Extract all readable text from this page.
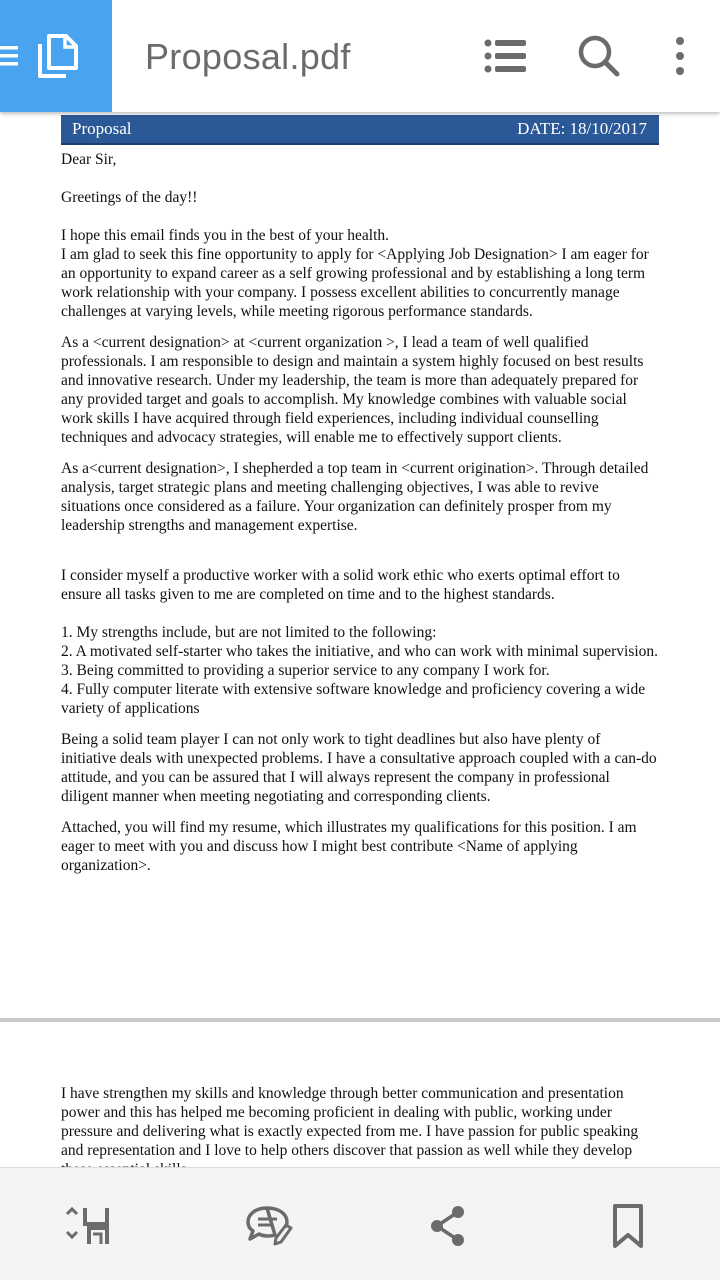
Proposal.pdf
Proposal	DATE: 18/10/2017

Dear Sir,

Greetings of the day!!

I hope this email finds you in the best of your health.
I am glad to seek this fine opportunity to apply for <Applying Job Designation> I am eager for an opportunity to expand career as a self growing professional and by establishing a long term work relationship with your company. I possess excellent abilities to concurrently manage challenges at varying levels, while meeting rigorous performance standards.

As a <current designation> at <current organization >, I lead a team of well qualified professionals. I am responsible to design and maintain a system highly focused on best results and innovative research. Under my leadership, the team is more than adequately prepared for any provided target and goals to accomplish. My knowledge combines with valuable social work skills I have acquired through field experiences, including individual counselling techniques and advocacy strategies, will enable me to effectively support clients.

As a<current designation>, I shepherded a top team in <current origination>. Through detailed analysis, target strategic plans and meeting challenging objectives, I was able to revive situations once considered as a failure. Your organization can definitely prosper from my leadership strengths and management expertise.

I consider myself a productive worker with a solid work ethic who exerts optimal effort to ensure all tasks given to me are completed on time and to the highest standards.

1. My strengths include, but are not limited to the following:

2. A motivated self-starter who takes the initiative, and who can work with minimal supervision.

3. Being committed to providing a superior service to any company I work for.

4. Fully computer literate with extensive software knowledge and proficiency covering a wide variety of applications

Being a solid team player I can not only work to tight deadlines but also have plenty of initiative deals with unexpected problems. I have a consultative approach coupled with a can-do attitude, and you can be assured that I will always represent the company in professional diligent manner when meeting negotiating and corresponding clients.

Attached, you will find my resume, which illustrates my qualifications for this position. I am eager to meet with you and discuss how I might best contribute <Name of applying organization>.

I have strengthen my skills and knowledge through better communication and presentation power and this has helped me becoming proficient in dealing with public, working under pressure and delivering what is exactly expected from me. I have passion for public speaking and representation and I love to help others discover that passion as well while they develop
